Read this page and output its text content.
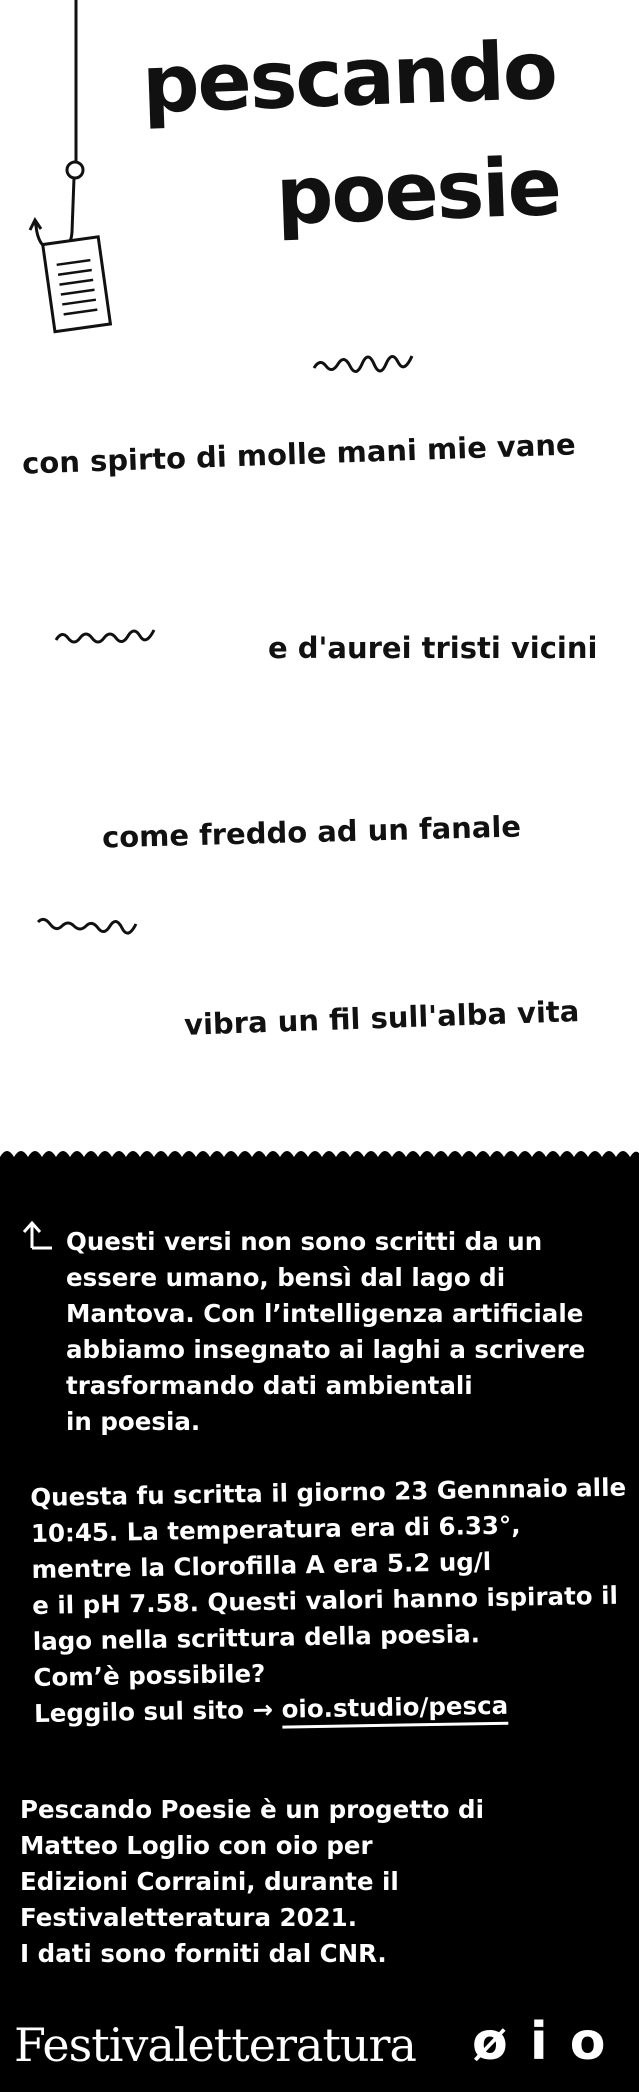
pescando
poesie
con spirto di molle mani mie vane
e d'aurei tristi vicini
come freddo ad un fanale
vibra un fil sull'alba vita
Questi versi non sono scritti da un
essere umano, bensì dal lago di
Mantova. Con l’intelligenza artificiale
abbiamo insegnato ai laghi a scrivere
trasformando dati ambientali
in poesia.
Questa fu scritta il giorno 23 Gennnaio alle
10:45. La temperatura era di 6.33°,
mentre la Clorofilla A era 5.2 ug/l
e il pH 7.58. Questi valori hanno ispirato il
lago nella scrittura della poesia.
Com’è possibile?
Leggilo sul sito → oio.studio/pesca
Pescando Poesie è un progetto di
Matteo Loglio con oio per
Edizioni Corraini, durante il
Festivaletteratura 2021.
I dati sono forniti dal CNR.
Festivaletteratura ø i o
